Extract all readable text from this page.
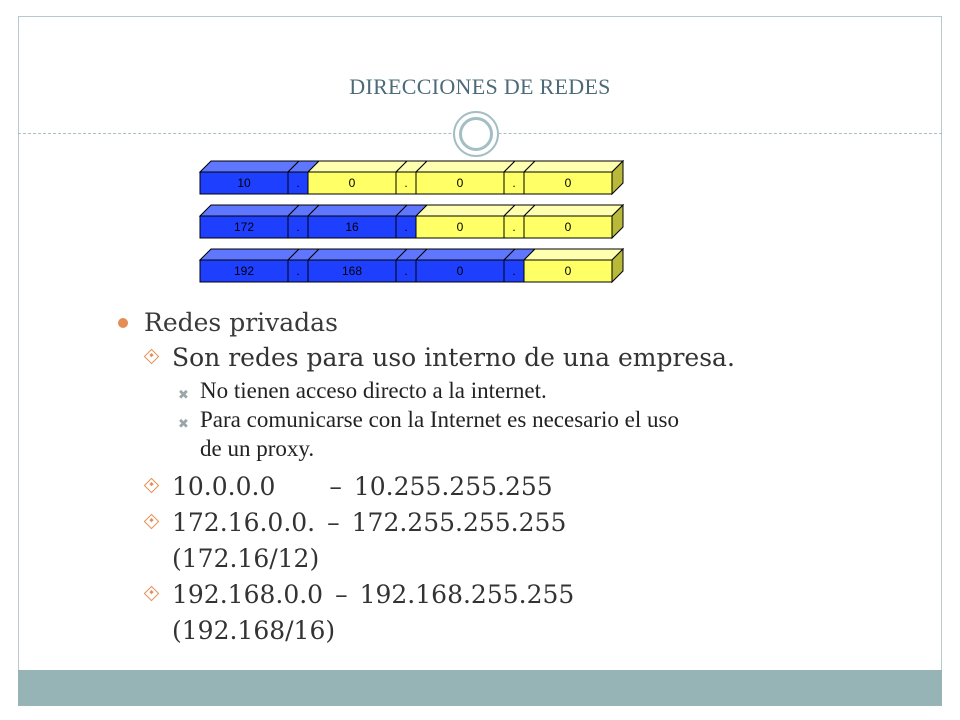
DIRECCIONES DE REDES
10	.	0	.	0	.	0
172	.	16	.	0	.	0
192	.	168	.	0	.	0

Redes privadas

Son redes para uso interno de una empresa.

✖ No tienen acceso directo a la internet.

✖ Para comunicarse con la Internet es necesario el uso
de un proxy.

10.0.0.0 – 10.255.255.255

172.16.0.0. – 172.255.255.255

(172.16/12)

192.168.0.0 – 192.168.255.255

(192.168/16)
